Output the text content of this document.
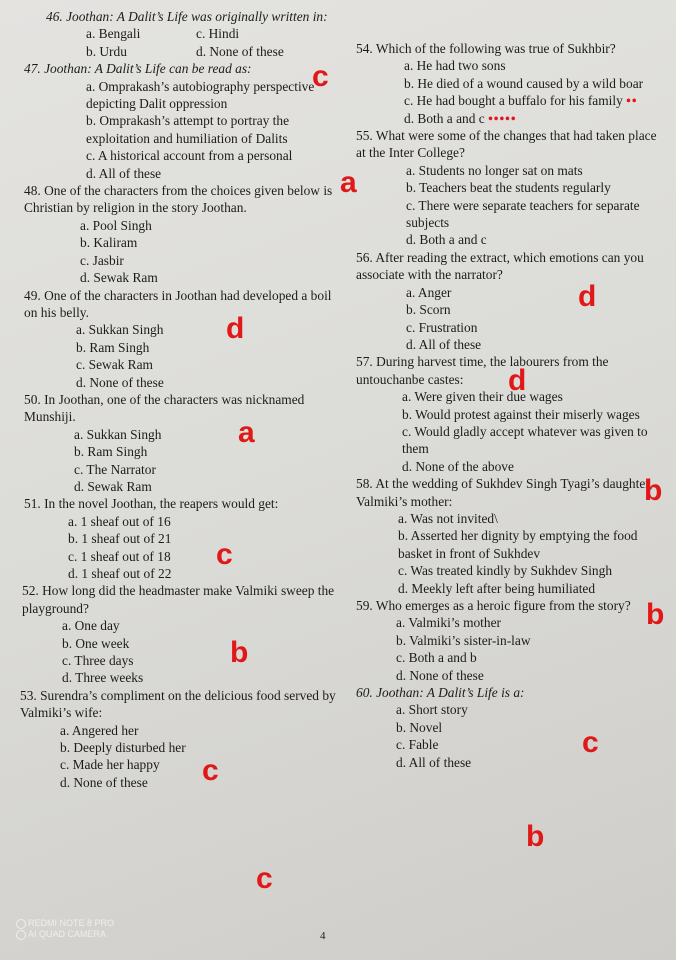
46. Joothan: A Dalit’s Life was originally written in:
a. Bengali	c. Hindi
b. Urdu	d. None of these
47. Joothan: A Dalit’s Life can be read as:
a. Omprakash’s autobiography perspective depicting Dalit oppression
b. Omprakash’s attempt to portray the exploitation and humiliation of Dalits
c. A historical account from a personal
d. All of these
48. One of the characters from the choices given below is Christian by religion in the story Joothan.
a. Pool Singh
b. Kaliram
c. Jasbir
d. Sewak Ram
49. One of the characters in Joothan had developed a boil on his belly.
a. Sukkan Singh
b. Ram Singh
c. Sewak Ram
d. None of these
50. In Joothan, one of the characters was nicknamed Munshiji.
a. Sukkan Singh
b. Ram Singh
c. The Narrator
d. Sewak Ram
51. In the novel Joothan, the reapers would get:
a. 1 sheaf out of 16
b. 1 sheaf out of 21
c. 1 sheaf out of 18
d. 1 sheaf out of 22
52. How long did the headmaster make Valmiki sweep the playground?
a. One day
b. One week
c. Three days
d. Three weeks
53. Surendra’s compliment on the delicious food served by Valmiki’s wife:
a. Angered her
b. Deeply disturbed her
c. Made her happy
d. None of these
54. Which of the following was true of Sukhbir?
a. He had two sons
b. He died of a wound caused by a wild boar
c. He had bought a buffalo for his family ••
d. Both a and c •••••
55. What were some of the changes that had taken place at the Inter College?
a. Students no longer sat on mats
b. Teachers beat the students regularly
c. There were separate teachers for separate subjects
d. Both a and c
56. After reading the extract, which emotions can you associate with the narrator?
a. Anger
b. Scorn
c. Frustration
d. All of these
57. During harvest time, the labourers from the untouchanbe castes:
a. Were given their due wages
b. Would protest against their miserly wages
c. Would gladly accept whatever was given to them
d. None of the above
58. At the wedding of Sukhdev Singh Tyagi’s daughter, Valmiki’s mother:
a. Was not invited\
b. Asserted her dignity by emptying the food basket in front of Sukhdev
c. Was treated kindly by Sukhdev Singh
d. Meekly left after being humiliated
59. Who emerges as a heroic figure from the story?
a. Valmiki’s mother
b. Valmiki’s sister-in-law
c. Both a and b
d. None of these
60. Joothan: A Dalit’s Life is a:
a. Short story
b. Novel
c. Fable
d. All of these
c
a
d
a
c
b
c
c
d
d
b
b
c
b
4
REDMI NOTE 8 PRO
AI QUAD CAMERA
